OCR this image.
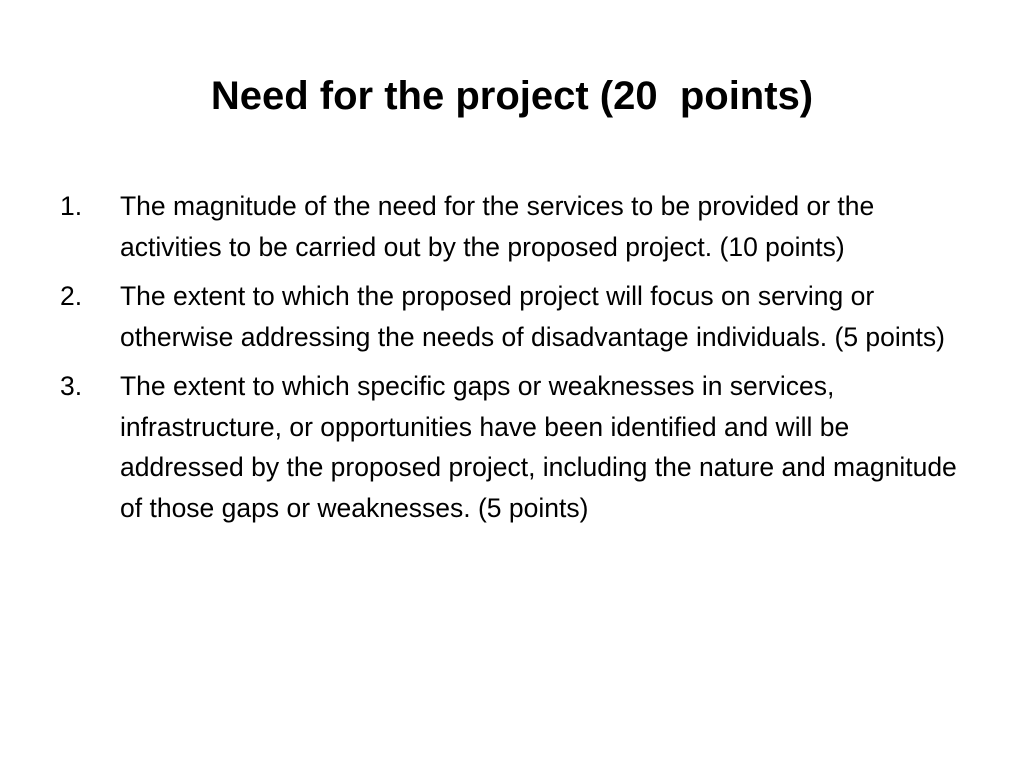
Need for the project (20  points)
1.	The magnitude of the need for the services to be provided or the activities to be carried out by the proposed project. (10 points)
2.	The extent to which the proposed project will focus on serving or otherwise addressing the needs of disadvantage individuals. (5 points)
3.	The extent to which specific gaps or weaknesses in services, infrastructure, or opportunities have been identified and will be addressed by the proposed project, including the nature and magnitude of those gaps or weaknesses. (5 points)
